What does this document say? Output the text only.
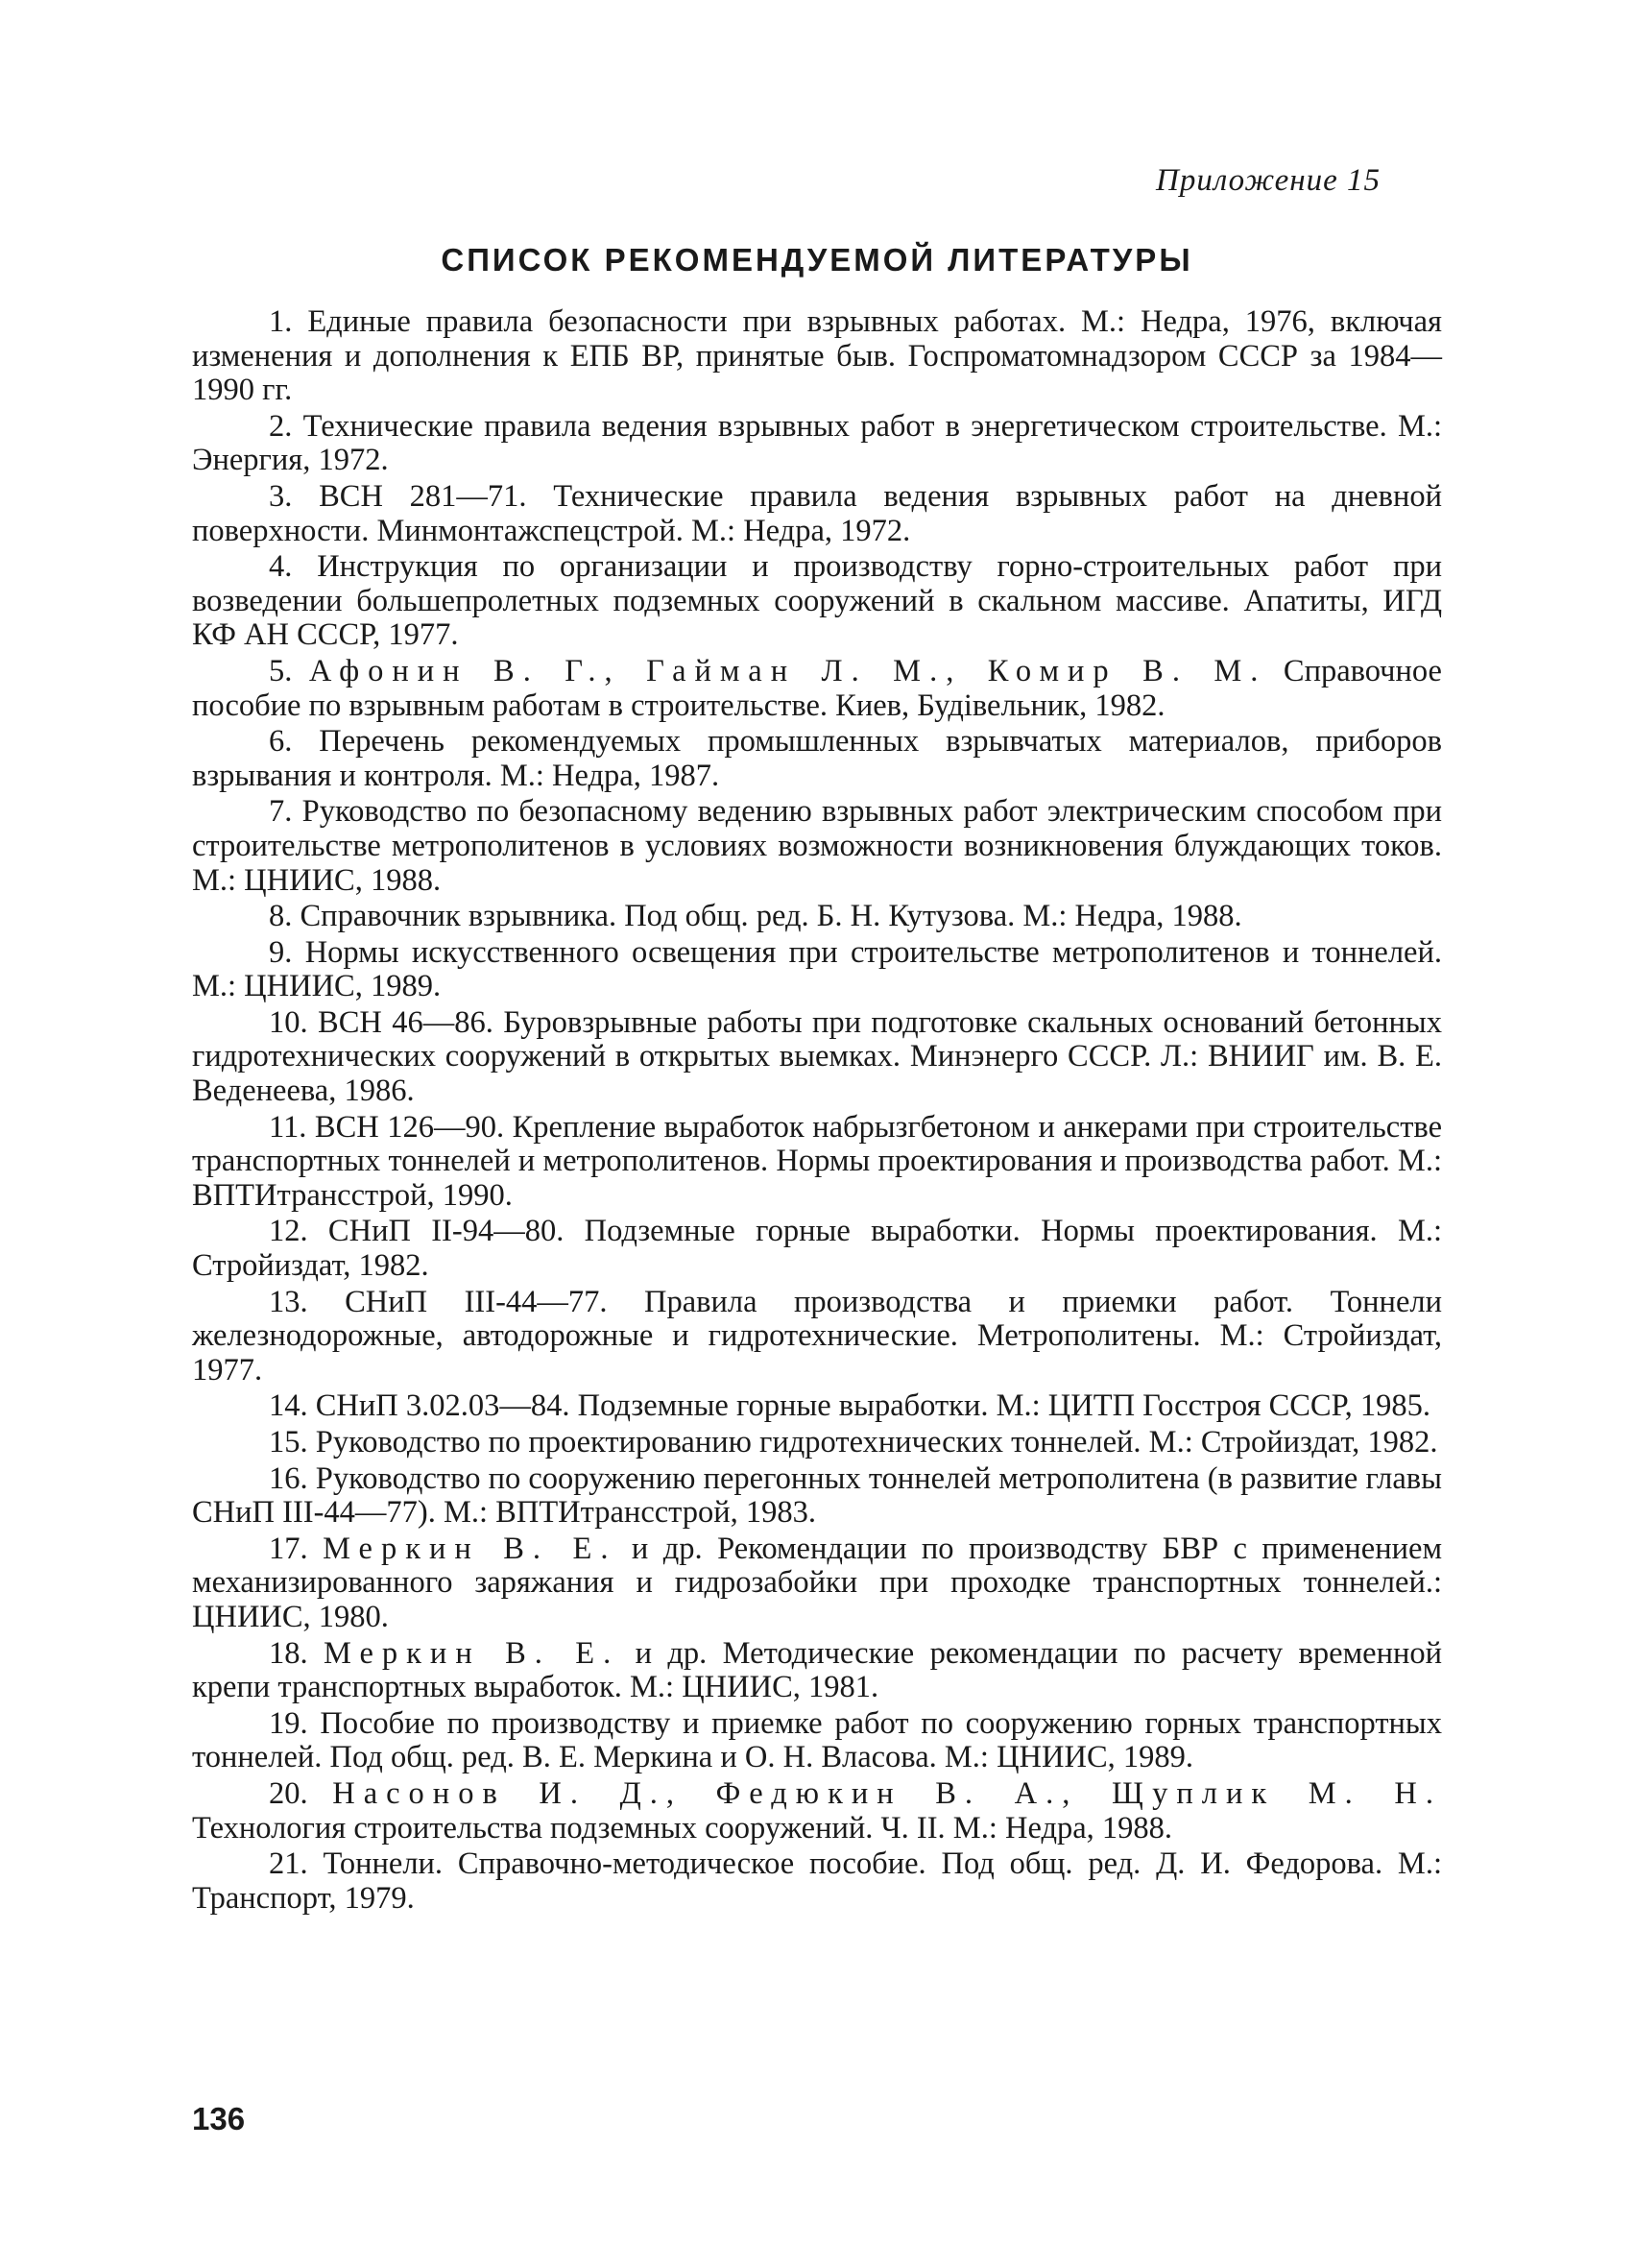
Приложение 15
СПИСОК РЕКОМЕНДУЕМОЙ ЛИТЕРАТУРЫ
1. Единые правила безопасности при взрывных работах. М.: Недра, 1976, включая изменения и дополнения к ЕПБ ВР, принятые быв. Госпроматомнадзором СССР за 1984—1990 гг.
2. Технические правила ведения взрывных работ в энергетическом строительстве. М.: Энергия, 1972.
3. ВСН 281—71. Технические правила ведения взрывных работ на дневной поверхности. Минмонтажспецстрой. М.: Недра, 1972.
4. Инструкция по организации и производству горно-строительных работ при возведении большепролетных подземных сооружений в скальном массиве. Апатиты, ИГД КФ АН СССР, 1977.
5. Афонин В. Г., Гайман Л. М., Комир В. М. Справочное пособие по взрывным работам в строительстве. Киев, Будiвельник, 1982.
6. Перечень рекомендуемых промышленных взрывчатых материалов, приборов взрывания и контроля. М.: Недра, 1987.
7. Руководство по безопасному ведению взрывных работ электрическим способом при строительстве метрополитенов в условиях возможности возникновения блуждающих токов. М.: ЦНИИС, 1988.
8. Справочник взрывника. Под общ. ред. Б. Н. Кутузова. М.: Недра, 1988.
9. Нормы искусственного освещения при строительстве метрополитенов и тоннелей. М.: ЦНИИС, 1989.
10. ВСН 46—86. Буровзрывные работы при подготовке скальных оснований бетонных гидротехнических сооружений в открытых выемках. Минэнерго СССР. Л.: ВНИИГ им. В. Е. Веденеева, 1986.
11. ВСН 126—90. Крепление выработок набрызгбетоном и анкерами при строительстве транспортных тоннелей и метрополитенов. Нормы проектирования и производства работ. М.: ВПТИтрансстрой, 1990.
12. СНиП II-94—80. Подземные горные выработки. Нормы проектирования. М.: Стройиздат, 1982.
13. СНиП III-44—77. Правила производства и приемки работ. Тоннели железнодорожные, автодорожные и гидротехнические. Метрополитены. М.: Стройиздат, 1977.
14. СНиП 3.02.03—84. Подземные горные выработки. М.: ЦИТП Госстроя СССР, 1985.
15. Руководство по проектированию гидротехнических тоннелей. М.: Стройиздат, 1982.
16. Руководство по сооружению перегонных тоннелей метрополитена (в развитие главы СНиП III-44—77). М.: ВПТИтрансстрой, 1983.
17. Меркин В. Е. и др. Рекомендации по производству БВР с применением механизированного заряжания и гидрозабойки при проходке транспортных тоннелей.: ЦНИИС, 1980.
18. Меркин В. Е. и др. Методические рекомендации по расчету временной крепи транспортных выработок. М.: ЦНИИС, 1981.
19. Пособие по производству и приемке работ по сооружению горных транспортных тоннелей. Под общ. ред. В. Е. Меркина и О. Н. Власова. М.: ЦНИИС, 1989.
20. Насонов И. Д., Федюкин В. А., Щуплик М. Н. Технология строительства подземных сооружений. Ч. II. М.: Недра, 1988.
21. Тоннели. Справочно-методическое пособие. Под общ. ред. Д. И. Федорова. М.: Транспорт, 1979.
136
